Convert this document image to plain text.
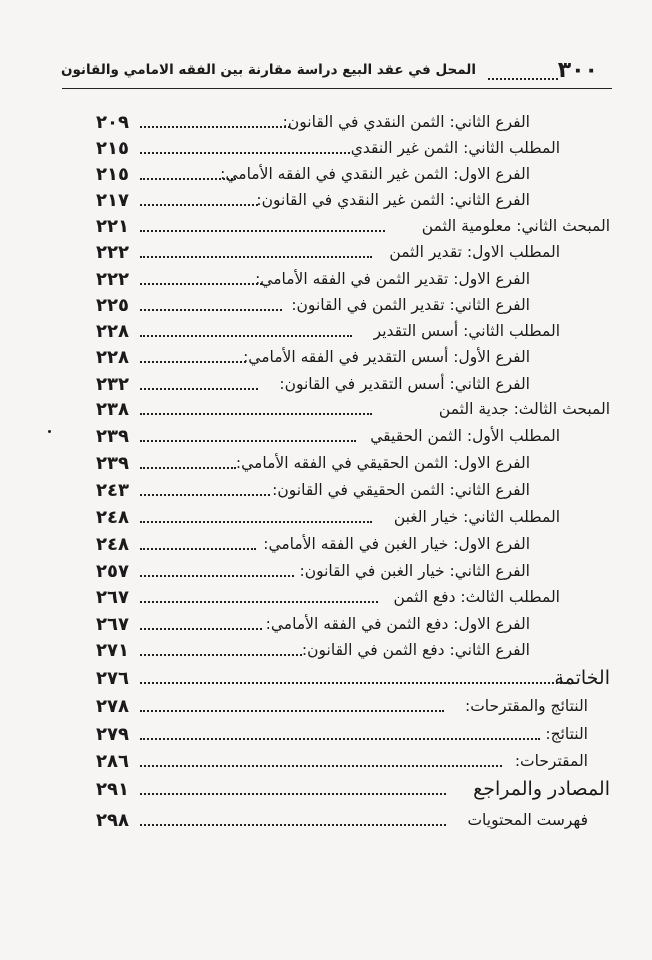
٣٠٠
المحل في عقد البيع دراسة مقارنة بين الفقه الامامي والقانون
الفرع الثاني: الثمن النقدي في القانون:
٢٠٩
المطلب الثاني: الثمن غير النقدي
٢١٥
الفرع الاول: الثمن غير النقدي في الفقه الأمامي:
٢١٥
الفرع الثاني: الثمن غير النقدي في القانون:
٢١٧
المبحث الثاني: معلومية الثمن
٢٢١
المطلب الاول: تقدير الثمن
٢٢٢
الفرع الاول: تقدير الثمن في الفقه الأمامي:
٢٢٢
الفرع الثاني: تقدير الثمن في القانون:
٢٢٥
المطلب الثاني: أسس التقدير
٢٢٨
الفرع الأول: أسس التقدير في الفقه الأمامي:
٢٢٨
الفرع الثاني: أسس التقدير في القانون:
٢٣٢
المبحث الثالث: جدية الثمن
٢٣٨
المطلب الأول: الثمن الحقيقي
٢٣٩
الفرع الاول: الثمن الحقيقي في الفقه الأمامي:
٢٣٩
الفرع الثاني: الثمن الحقيقي في القانون:
٢٤٣
المطلب الثاني: خيار الغبن
٢٤٨
الفرع الاول: خيار الغبن في الفقه الأمامي:
٢٤٨
الفرع الثاني: خيار الغبن في القانون:
٢٥٧
المطلب الثالث: دفع الثمن
٢٦٧
الفرع الاول: دفع الثمن في الفقه الأمامي:
٢٦٧
الفرع الثاني: دفع الثمن في القانون:
٢٧١
الخاتمة
٢٧٦
النتائج والمقترحات:
٢٧٨
النتائج:
٢٧٩
المقترحات:
٢٨٦
المصادر والمراجع
٢٩١
فهرست المحتويات
٢٩٨
